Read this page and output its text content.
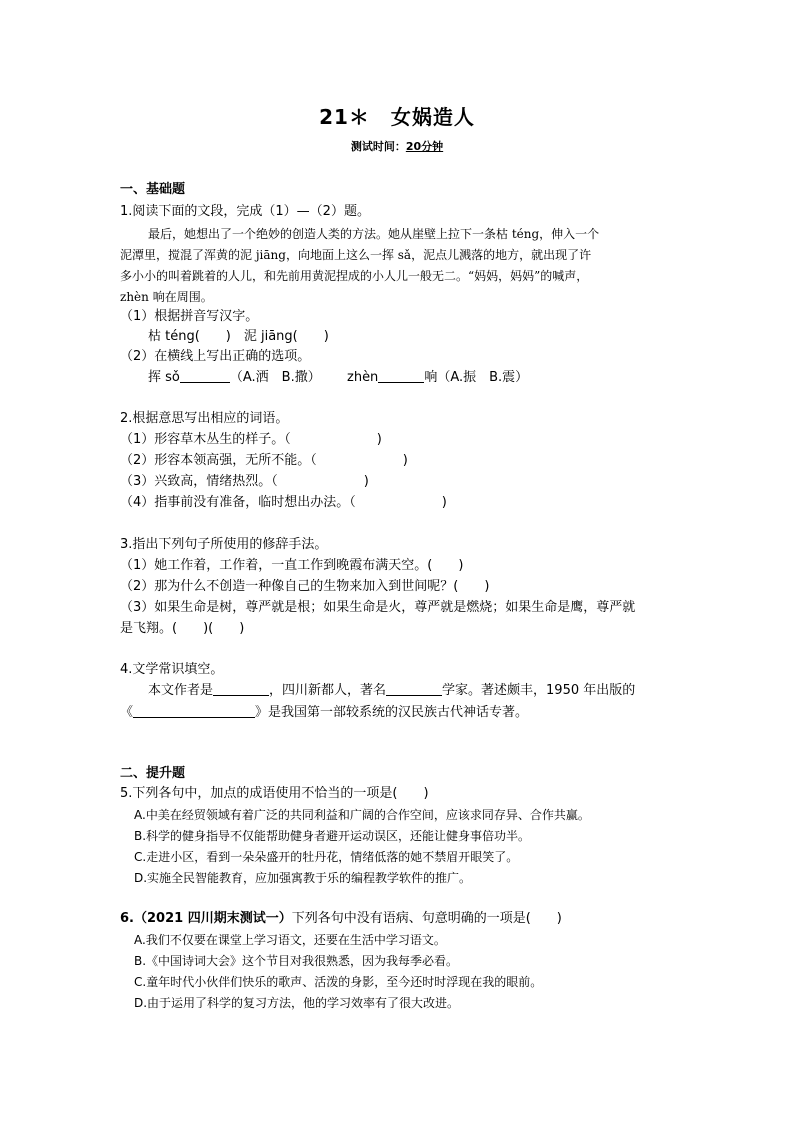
21＊　女娲造人
测试时间：20分钟
一、基础题
1.阅读下面的文段，完成（1）—（2）题。
最后，她想出了一个绝妙的创造人类的方法。她从崖壁上拉下一条枯 téng，伸入一个
泥潭里，搅混了浑黄的泥 jiāng，向地面上这么一挥 sǎ，泥点儿溅落的地方，就出现了许
多小小的叫着跳着的人儿，和先前用黄泥捏成的小人儿一般无二。“妈妈，妈妈”的喊声，
zhèn 响在周围。
（1）根据拼音写汉字。
枯 téng(　　)　泥 jiāng(　　)
（2）在横线上写出正确的选项。
挥 sǒ	（A.洒　B.撒） zhèn	响（A.振　B.震）
2.根据意思写出相应的词语。
（1）形容草木丛生的样子。（	)
（2）形容本领高强，无所不能。（	)
（3）兴致高，情绪热烈。（	)
（4）指事前没有准备，临时想出办法。（	)
3.指出下列句子所使用的修辞手法。
（1）她工作着，工作着，一直工作到晚霞布满天空。(　　)
（2）那为什么不创造一种像自己的生物来加入到世间呢？(　　)
（3）如果生命是树，尊严就是根；如果生命是火，尊严就是燃烧；如果生命是鹰，尊严就
是飞翔。(　　)(　　)
4.文学常识填空。
本文作者是	，四川新都人，著名	学家。著述颇丰，1950 年出版的
《	》是我国第一部较系统的汉民族古代神话专著。
二、提升题
5.下列各句中，加点的成语使用不恰当的一项是(　　)
A.中美在经贸领域有着广泛的共同利益和广阔的合作空间，应该求同存异、合作共赢。
B.科学的健身指导不仅能帮助健身者避开运动误区，还能让健身事倍功半。
C.走进小区，看到一朵朵盛开的牡丹花，情绪低落的她不禁眉开眼笑了。
D.实施全民智能教育，应加强寓教于乐的编程教学软件的推广。
6.（2021 四川期末测试一）下列各句中没有语病、句意明确的一项是(　　)
A.我们不仅要在课堂上学习语文，还要在生活中学习语文。
B.《中国诗词大会》这个节目对我很熟悉，因为我每季必看。
C.童年时代小伙伴们快乐的歌声、活泼的身影，至今还时时浮现在我的眼前。
D.由于运用了科学的复习方法，他的学习效率有了很大改进。
